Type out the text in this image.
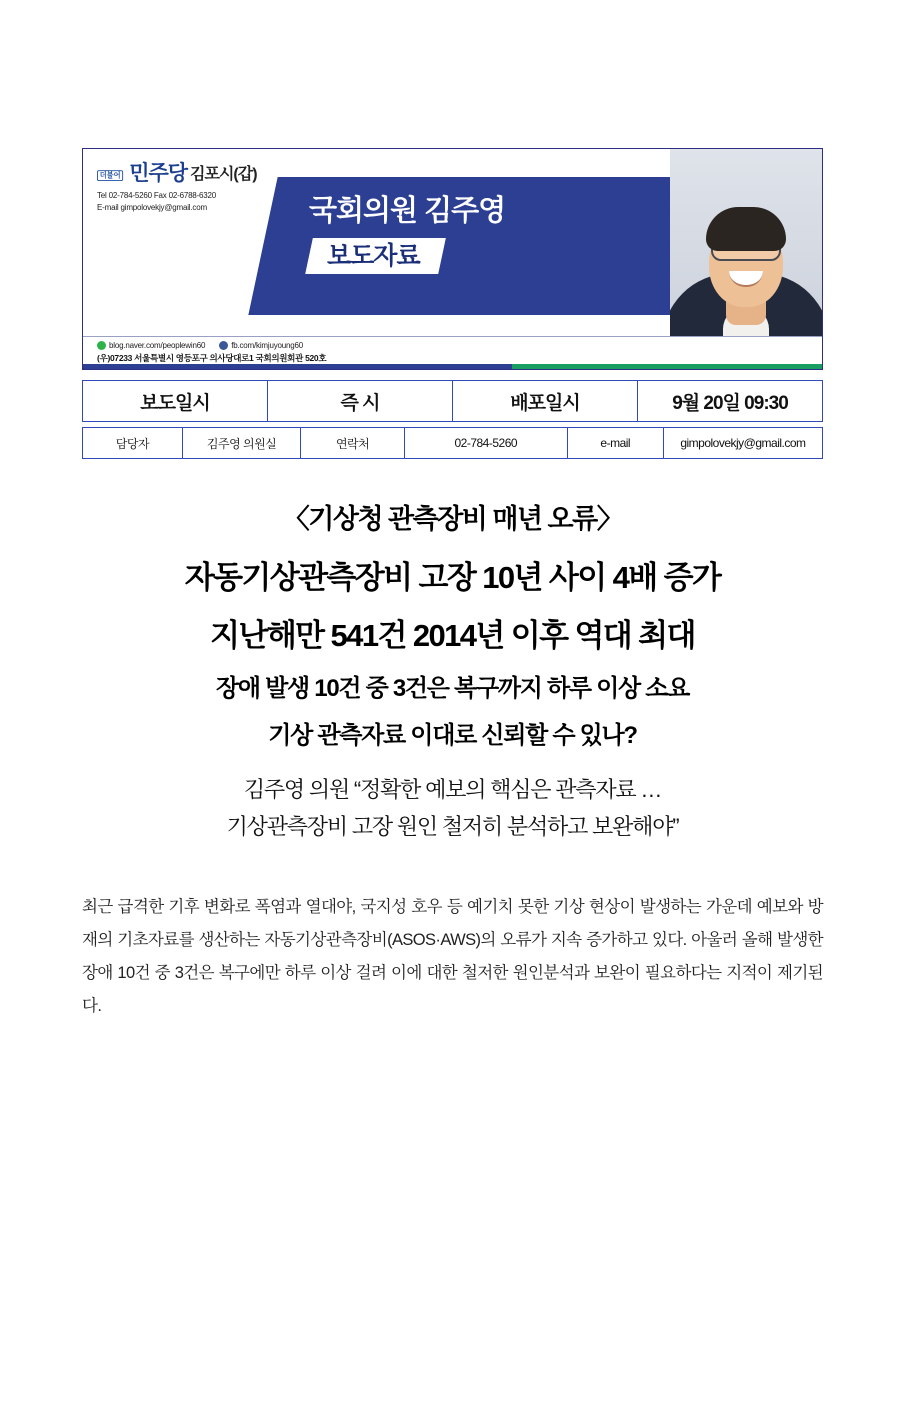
더불어 민주당 김포시(갑)
Tel 02-784-5260 Fax 02-6788-6320
E-mail gimpolovekjy@gmail.com	국회의원 김주영
보도자료
blog.naver.com/peoplewin60	fb.com/kimjuyoung60
(우)07233 서울특별시 영등포구 의사당대로1 국회의원회관 520호
보도일시	즉 시	배포일시	9월 20일 09:30
담당자	김주영 의원실	연락처	02-784-5260	e-mail	gimpolovekjy@gmail.com
〈기상청 관측장비 매년 오류〉
자동기상관측장비 고장 10년 사이 4배 증가
지난해만 541건 2014년 이후 역대 최대
장애 발생 10건 중 3건은 복구까지 하루 이상 소요
기상 관측자료 이대로 신뢰할 수 있나?
김주영 의원 “정확한 예보의 핵심은 관측자료 …
기상관측장비 고장 원인 철저히 분석하고 보완해야”

최근 급격한 기후 변화로 폭염과 열대야, 국지성 호우 등 예기치 못한 기상 현상이 발생하는 가운데 예보와 방재의 기초자료를 생산하는 자동기상관측장비(ASOS·AWS)의 오류가 지속 증가하고 있다. 아울러 올해 발생한 장애 10건 중 3건은 복구에만 하루 이상 걸려 이에 대한 철저한 원인분석과 보완이 필요하다는 지적이 제기된다.
